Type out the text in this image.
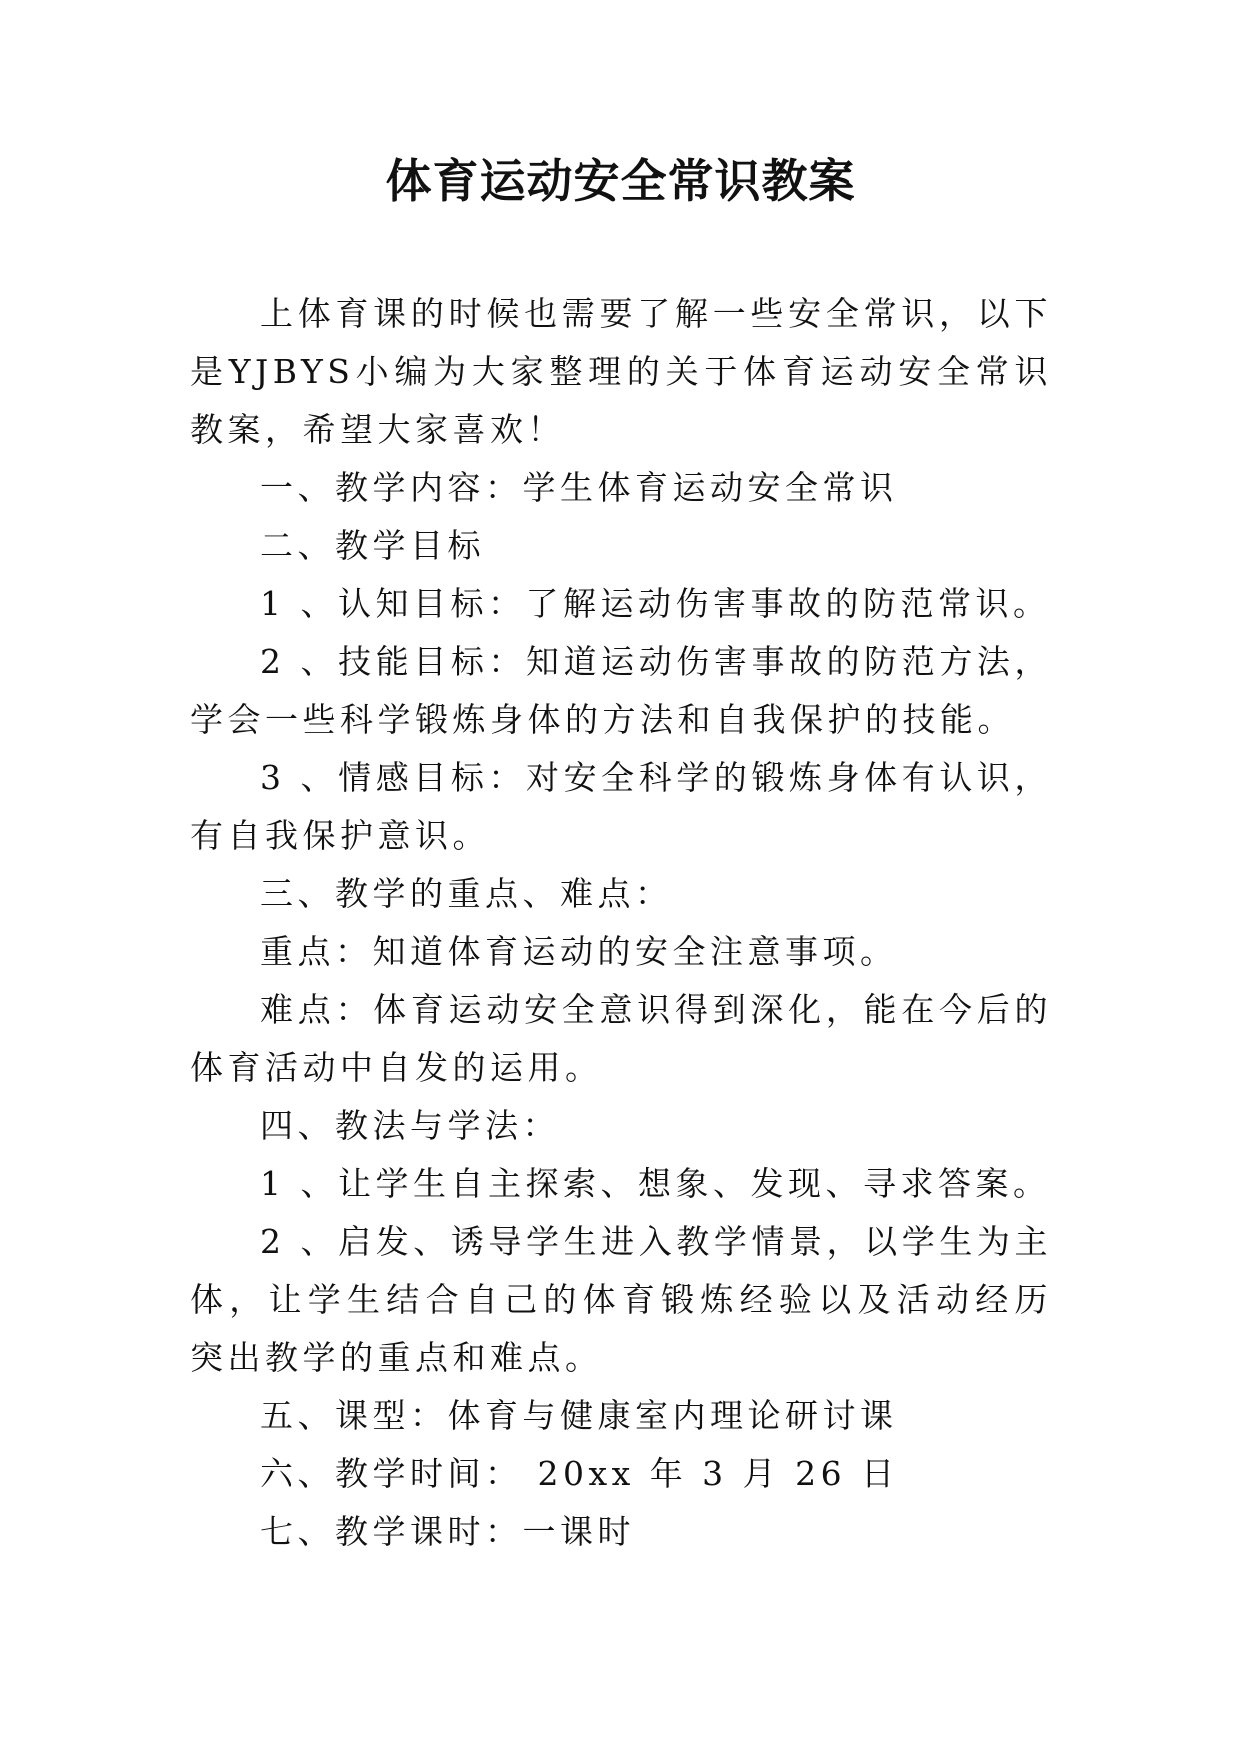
体育运动安全常识教案

上体育课的时候也需要了解一些安全常识，以下是YJBYS小编为大家整理的关于体育运动安全常识教案，希望大家喜欢！

一、教学内容：学生体育运动安全常识

二、教学目标

1 、认知目标：了解运动伤害事故的防范常识。

2 、技能目标：知道运动伤害事故的防范方法，学会一些科学锻炼身体的方法和自我保护的技能。

3 、情感目标：对安全科学的锻炼身体有认识，有自我保护意识。

三、教学的重点、难点：

重点：知道体育运动的安全注意事项。

难点：体育运动安全意识得到深化，能在今后的体育活动中自发的运用。

四、教法与学法：

1 、让学生自主探索、想象、发现、寻求答案。

2 、启发、诱导学生进入教学情景，以学生为主体，让学生结合自己的体育锻炼经验以及活动经历突出教学的重点和难点。

五、课型：体育与健康室内理论研讨课

六、教学时间： 20xx 年 3 月 26 日

七、教学课时：一课时
